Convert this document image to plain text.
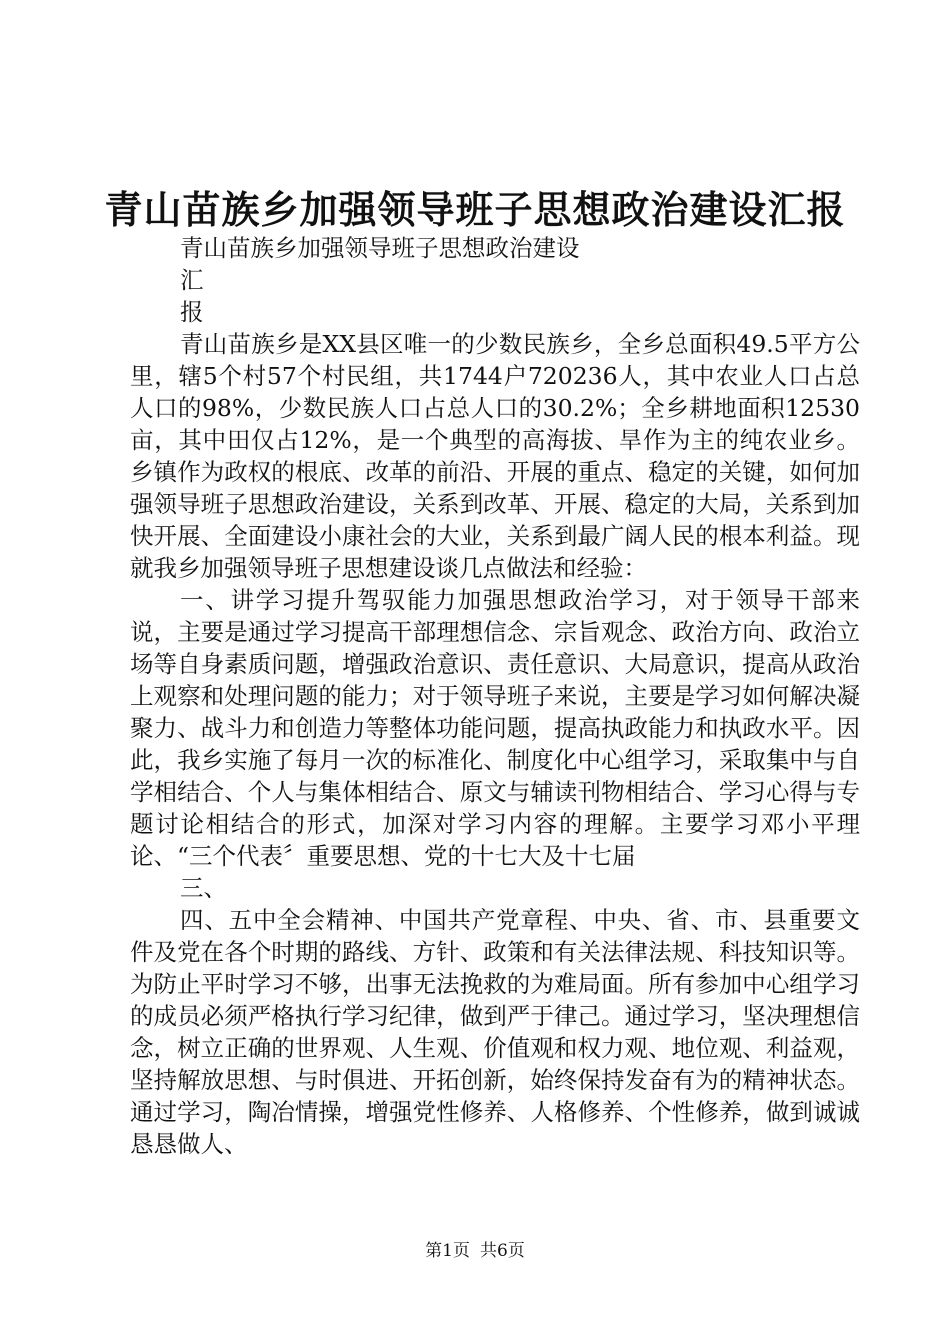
青山苗族乡加强领导班子思想政治建设汇报

青山苗族乡加强领导班子思想政治建设

汇

报

青山苗族乡是XX县区唯一的少数民族乡，全乡总面积49.5平方公里，辖5个村57个村民组，共1744户720236人，其中农业人口占总人口的98%，少数民族人口占总人口的30.2%；全乡耕地面积12530亩，其中田仅占12%，是一个典型的高海拔、旱作为主的纯农业乡。乡镇作为政权的根底、改革的前沿、开展的重点、稳定的关键，如何加强领导班子思想政治建设，关系到改革、开展、稳定的大局，关系到加快开展、全面建设小康社会的大业，关系到最广阔人民的根本利益。现就我乡加强领导班子思想建设谈几点做法和经验：

一、讲学习提升驾驭能力加强思想政治学习，对于领导干部来说，主要是通过学习提高干部理想信念、宗旨观念、政治方向、政治立场等自身素质问题，增强政治意识、责任意识、大局意识，提高从政治上观察和处理问题的能力；对于领导班子来说，主要是学习如何解决凝聚力、战斗力和创造力等整体功能问题，提高执政能力和执政水平。因此，我乡实施了每月一次的标准化、制度化中心组学习，采取集中与自学相结合、个人与集体相结合、原文与辅读刊物相结合、学习心得与专题讨论相结合的形式，加深对学习内容的理解。主要学习邓小平理论、“三个代表〞重要思想、党的十七大及十七届

三、

四、五中全会精神、中国共产党章程、中央、省、市、县重要文件及党在各个时期的路线、方针、政策和有关法律法规、科技知识等。为防止平时学习不够，出事无法挽救的为难局面。所有参加中心组学习的成员必须严格执行学习纪律，做到严于律己。通过学习，坚决理想信念，树立正确的世界观、人生观、价值观和权力观、地位观、利益观，坚持解放思想、与时俱进、开拓创新，始终保持发奋有为的精神状态。通过学习，陶冶情操，增强党性修养、人格修养、个性修养，做到诚诚恳恳做人、

第1页 共6页
